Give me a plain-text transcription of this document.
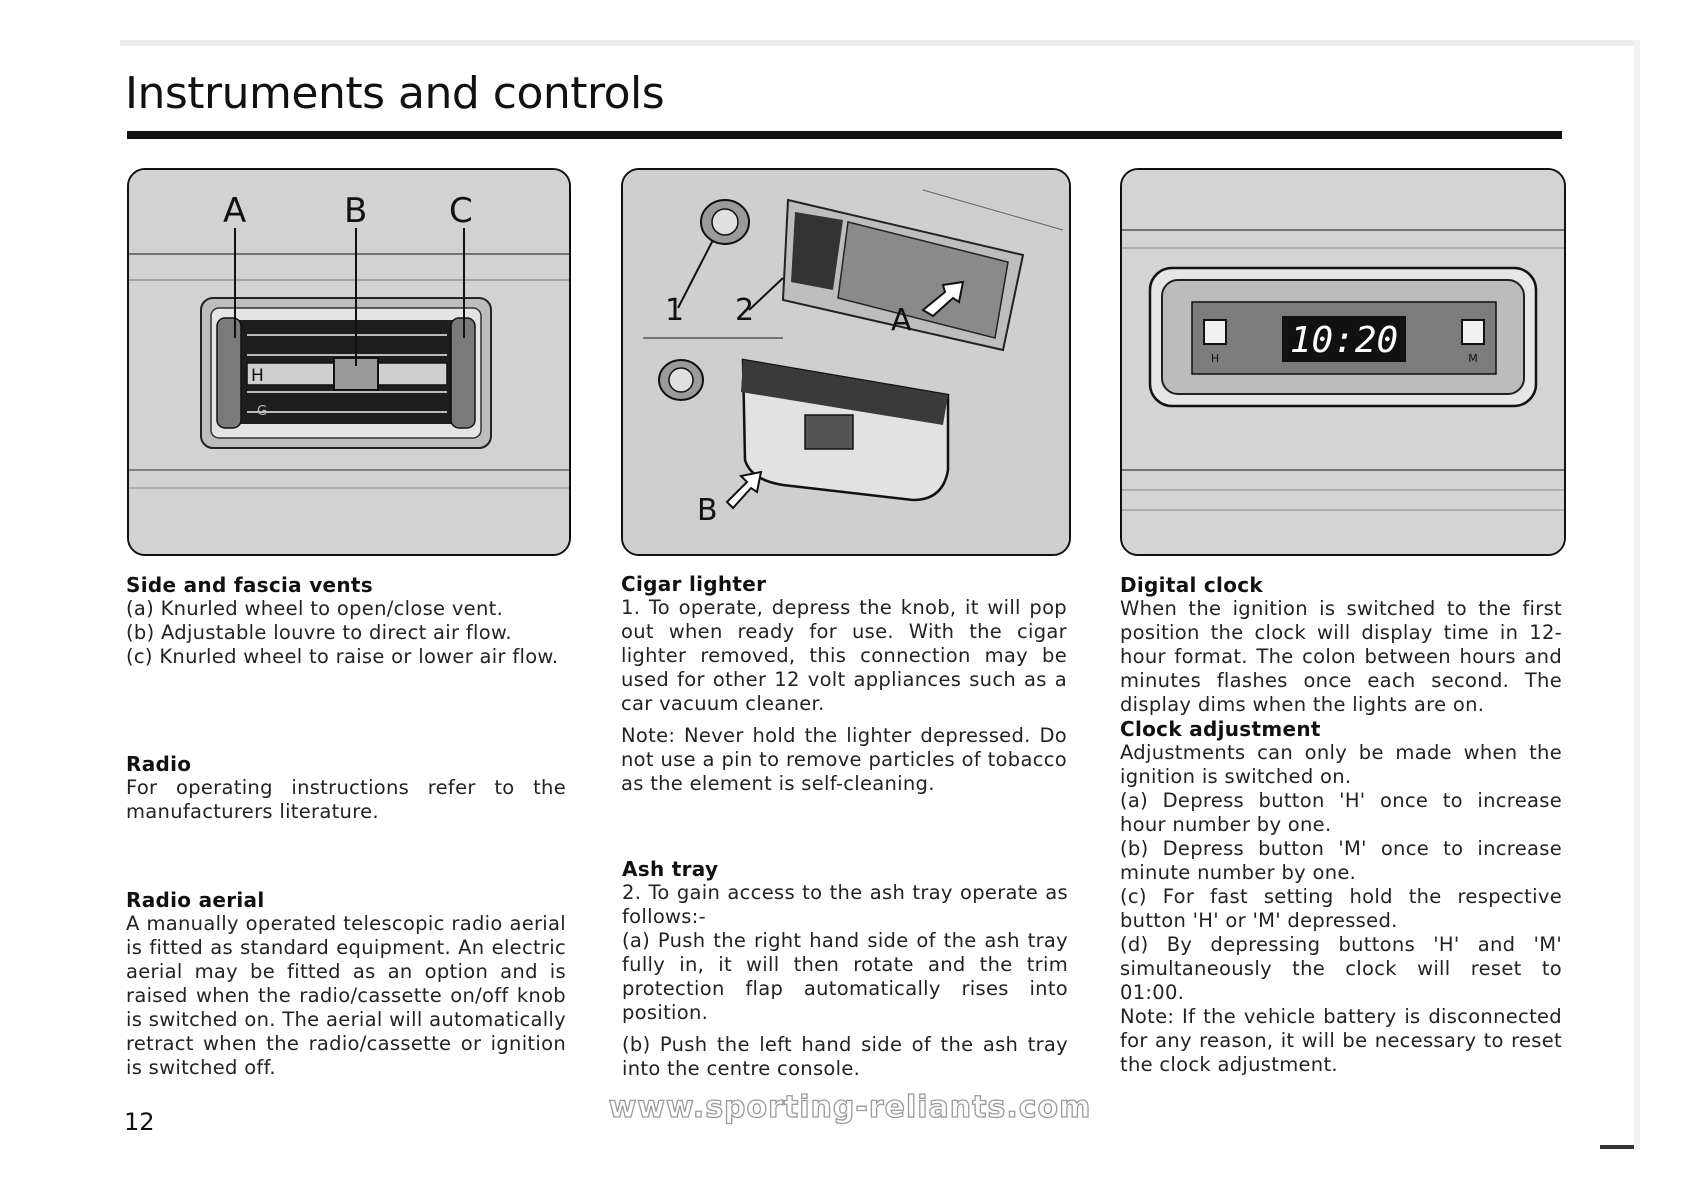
Instruments and controls
A	B C
H
G
1 2	A
B
10:20
H	M

Side and fascia vents

(a) Knurled wheel to open/close vent.

(b) Adjustable louvre to direct air flow.

(c) Knurled wheel to raise or lower air flow.

Radio

For operating instructions refer to the manufacturers literature.

Radio aerial

A manually operated telescopic radio aerial is fitted as standard equipment. An electric aerial may be fitted as an option and is raised when the radio/cassette on/off knob is switched on. The aerial will automatically retract when the radio/cassette or ignition is switched off.

Cigar lighter

1. To operate, depress the knob, it will pop out when ready for use. With the cigar lighter removed, this connection may be used for other 12 volt appliances such as a car vacuum cleaner.

Note: Never hold the lighter depressed. Do not use a pin to remove particles of tobacco as the element is self-cleaning.

Ash tray

2. To gain access to the ash tray operate as follows:-

(a) Push the right hand side of the ash tray fully in, it will then rotate and the trim protection flap automatically rises into position.

(b) Push the left hand side of the ash tray into the centre console.

Digital clock

When the ignition is switched to the first position the clock will display time in 12-hour format. The colon between hours and minutes flashes once each second. The display dims when the lights are on.

Clock adjustment

Adjustments can only be made when the ignition is switched on.

(a) Depress button 'H' once to increase hour number by one.

(b) Depress button 'M' once to increase minute number by one.

(c) For fast setting hold the respective button 'H' or 'M' depressed.

(d) By depressing buttons 'H' and 'M' simultaneously the clock will reset to 01:00.

Note: If the vehicle battery is disconnected for any reason, it will be necessary to reset the clock adjustment.

12	www.sporting-reliants.com
